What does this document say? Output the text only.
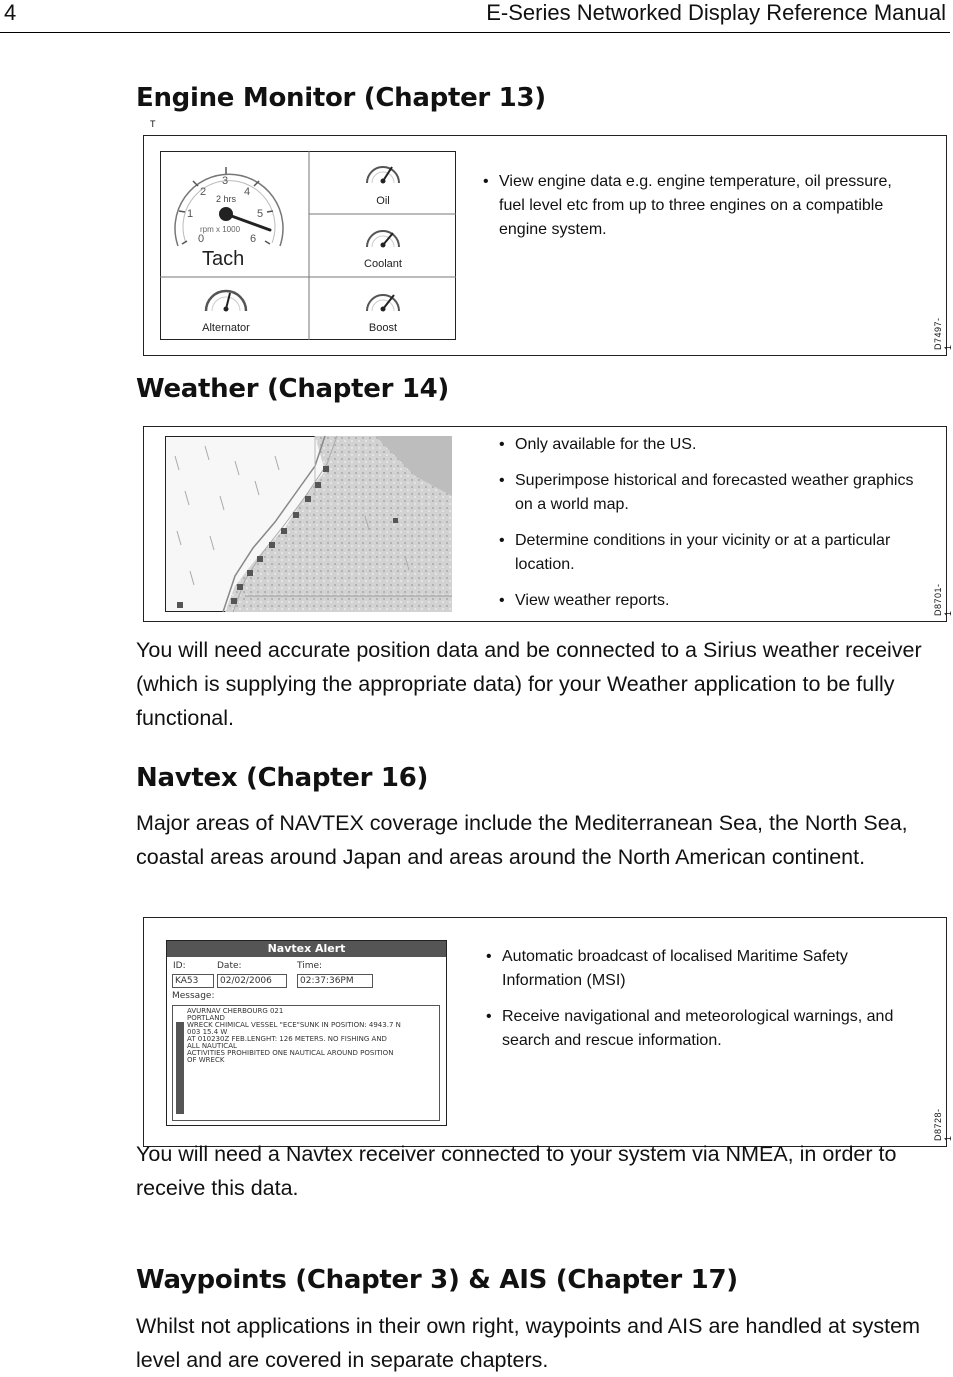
4	E-Series Networked Display Reference Manual
Engine Monitor (Chapter 13)
T
0
1
2
3
4
5
6
2 hrs
rpm x 1000
Tach
Oil
Coolant
Alternator	Boost
• View engine data e.g. engine temperature, oil pressure, fuel level etc from up to three engines on a compatible engine system.
D7497-1
Weather (Chapter 14)
• Only available for the US.
• Superimpose historical and forecasted weather graphics on a world map.
• Determine conditions in your vicinity or at a particular location.
• View weather reports.	D8701-1

You will need accurate position data and be connected to a Sirius weather receiver (which is supplying the appropriate data) for your Weather application to be fully functional.

Navtex (Chapter 16)

Major areas of NAVTEX coverage include the Mediterranean Sea, the North Sea, coastal areas around Japan and areas around the North American continent.

Navtex Alert
ID:	Date:	Time:
KA53	02/02/2006	02:37:36PM
Message:
AVURNAV CHERBOURG 021
PORTLAND
WRECK CHIMICAL VESSEL "ECE"SUNK IN POSITION: 4943.7 N
003 15.4 W
AT 010230Z FEB.LENGHT: 126 METERS. NO FISHING AND
ALL NAUTICAL
ACTIVITIES PROHIBITED ONE NAUTICAL AROUND POSITION
OF WRECK
• Automatic broadcast of localised Maritime Safety Information (MSI)
• Receive navigational and meteorological warnings, and search and rescue information.
D8728-1

You will need a Navtex receiver connected to your system via NMEA, in order to receive this data.

Waypoints (Chapter 3) & AIS (Chapter 17)

Whilst not applications in their own right, waypoints and AIS are handled at system level and are covered in separate chapters.
